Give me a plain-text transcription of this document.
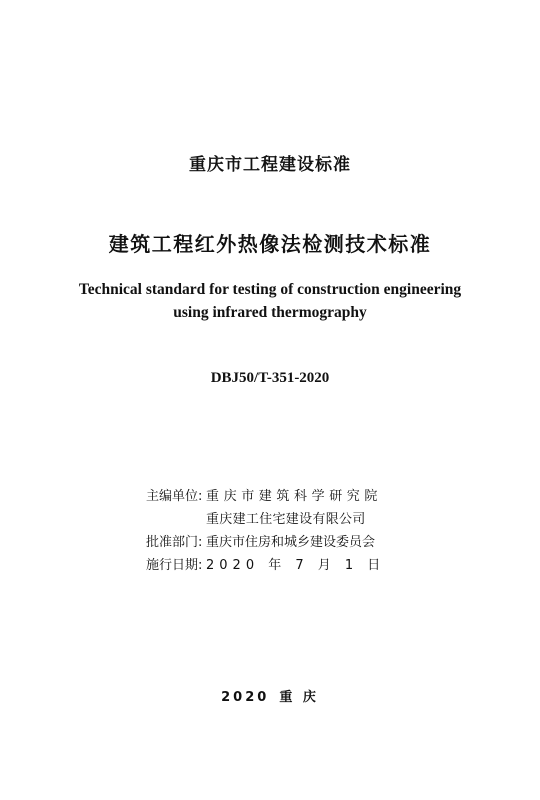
重庆市工程建设标准
建筑工程红外热像法检测技术标准
Technical standard for testing of construction engineering
using infrared thermography
DBJ50/T-351-2020
主编单位: 重庆市建筑科学研究院
重庆建工住宅建设有限公司
批准部门: 重庆市住房和城乡建设委员会
施行日期: 2020 年 7 月 1 日
2020 重 庆
